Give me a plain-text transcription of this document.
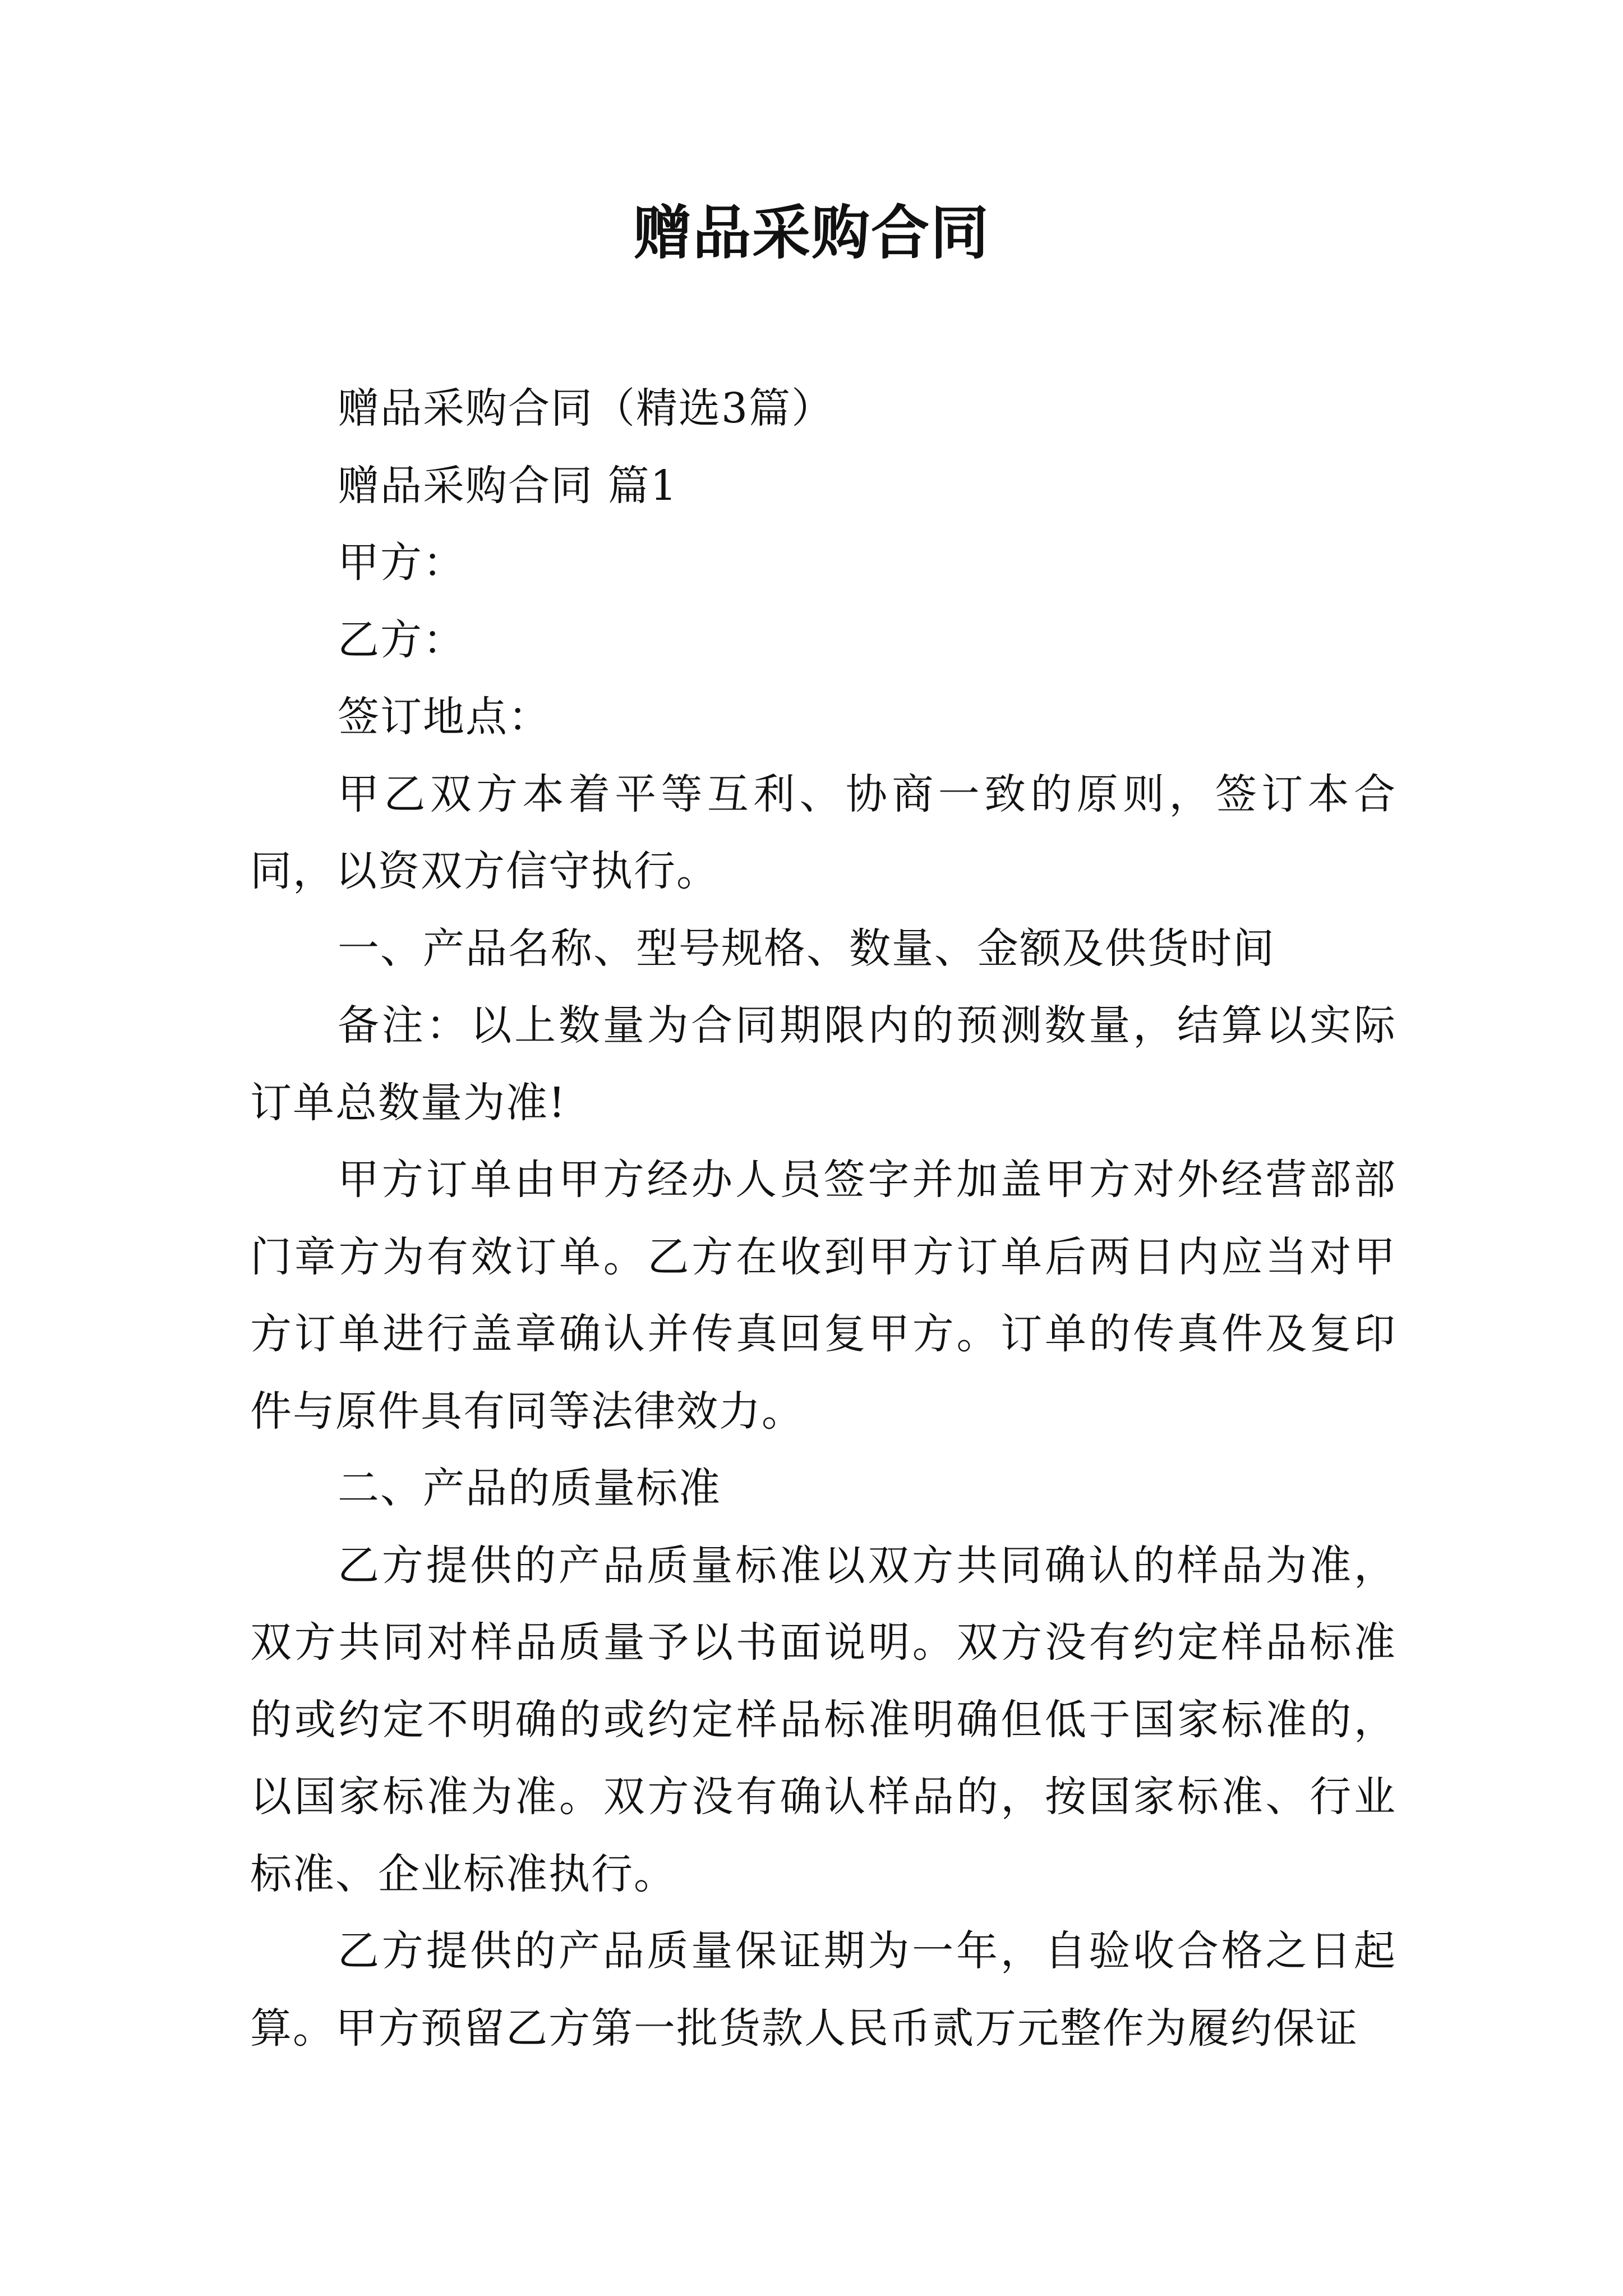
赠品采购合同

赠品采购合同（精选3篇）

赠品采购合同 篇1

甲方：

乙方：

签订地点：

甲乙双方本着平等互利、协商一致的原则，签订本合同，以资双方信守执行。

一、产品名称、型号规格、数量、金额及供货时间

备注：以上数量为合同期限内的预测数量，结算以实际订单总数量为准!

甲方订单由甲方经办人员签字并加盖甲方对外经营部部门章方为有效订单。乙方在收到甲方订单后两日内应当对甲方订单进行盖章确认并传真回复甲方。订单的传真件及复印件与原件具有同等法律效力。

二、产品的质量标准

乙方提供的产品质量标准以双方共同确认的样品为准，双方共同对样品质量予以书面说明。双方没有约定样品标准的或约定不明确的或约定样品标准明确但低于国家标准的，以国家标准为准。双方没有确认样品的，按国家标准、行业标准、企业标准执行。

乙方提供的产品质量保证期为一年，自验收合格之日起算。甲方预留乙方第一批货款人民币贰万元整作为履约保证
